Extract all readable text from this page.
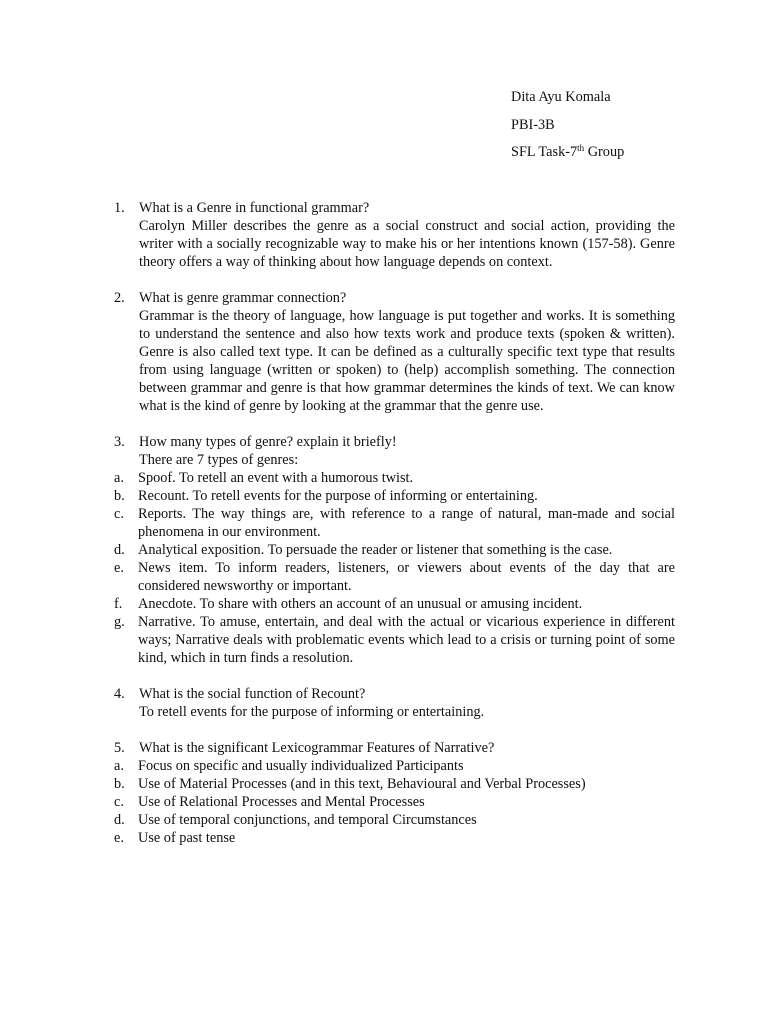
Dita Ayu Komala
PBI-3B
SFL Task-7th Group
1. What is a Genre in functional grammar?
Carolyn Miller describes the genre as a social construct and social action, providing the writer with a socially recognizable way to make his or her intentions known (157-58). Genre theory offers a way of thinking about how language depends on context.
2. What is genre grammar connection?
Grammar is the theory of language, how language is put together and works. It is something to understand the sentence and also how texts work and produce texts (spoken & written). Genre is also called text type. It can be defined as a culturally specific text type that results from using language (written or spoken) to (help) accomplish something. The connection between grammar and genre is that how grammar determines the kinds of text. We can know what is the kind of genre by looking at the grammar that the genre use.
3. How many types of genre? explain it briefly!
There are 7 types of genres:
a. Spoof. To retell an event with a humorous twist.
b. Recount. To retell events for the purpose of informing or entertaining.
c. Reports. The way things are, with reference to a range of natural, man-made and social phenomena in our environment.
d. Analytical exposition. To persuade the reader or listener that something is the case.
e. News item. To inform readers, listeners, or viewers about events of the day that are considered newsworthy or important.
f.	Anecdote. To share with others an account of an unusual or amusing incident.
g. Narrative. To amuse, entertain, and deal with the actual or vicarious experience in different ways; Narrative deals with problematic events which lead to a crisis or turning point of some kind, which in turn finds a resolution.
4. What is the social function of Recount?
To retell events for the purpose of informing or entertaining.
5. What is the significant Lexicogrammar Features of Narrative?
a. Focus on specific and usually individualized Participants
b. Use of Material Processes (and in this text, Behavioural and Verbal Processes)
c. Use of Relational Processes and Mental Processes
d. Use of temporal conjunctions, and temporal Circumstances
e. Use of past tense
